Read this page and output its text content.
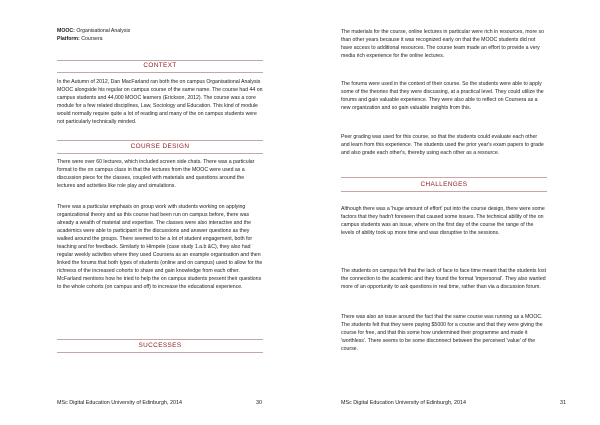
MOOC: Organisational Analysis
Platform: Coursera
CONTEXT

In the Autumn of 2012, Dan MacFarland ran both the on campus Organisational Analysis MOOC alongside his regular on campus course of the same name. The course had 44 on campus students and 44,000 MOOC learners (Erickson, 2012). The course was a core module for a few related disciplines, Law, Sociology and Education. This kind of module would normally require quite a lot of reading and many of the on campus students were not particularly technically minded.

COURSE DESIGN

There were over 60 lectures, which included screen side chats. There was a particular format to the on campus class in that the lectures from the MOOC were used as a discussion piece for the classes, coupled with materials and questions around the lectures and activities like role play and simulations.

There was a particular emphasis on group work with students working on applying organizational theory and as this course had been run on campus before, there was already a wealth of material and expertise. The classes were also interactive and the academics were able to participant in the discussions and answer questions as they walked around the groups. There seemed to be a lot of student engagement, both for teaching and for feedback. Similarly to Himpele (case study 1.a.b &C), they also had regular weekly activities where they used Coursera as an example organisation and then linked the forums that both types of students (online and on campus) used to allow for the richness of the increased cohorts to share and gain knowledge from each other. McFarland mentions how he tried to help the on campus students present their questions to the whole cohorts (on campus and off) to increase the educational experience.

SUCCESSES
MSc Digital Education University of Edinburgh, 2014	30

The materials for the course, online lectures in particular were rich in resources, more so than other years because it was recognized early on that the MOOC students did not have access to additional resources. The course team made an effort to provide a very media rich experience for the online lectures.

The forums were used in the context of their course. So the students were able to apply some of the theories that they were discussing, at a practical level. They could utilize the forums and gain valuable experience. They were also able to reflect on Coursera as a new organization and so gain valuable insights from this.

Peer grading was used for this course, so that the students could evaluate each other and learn from this experience. The students used the prior year's exam papers to grade and also grade each other's, thereby using each other as a resource.

CHALLENGES

Although there was a 'huge amount of effort' put into the course design, there were some factors that they hadn't foreseen that caused some issues. The technical ability of the on campus students was an issue, where on the first day of the course the range of the levels of ability took up more time and was disruptive to the sessions.

The students on campus felt that the lack of face to face time meant that the students lost the connection to the academic and they found the format 'impersonal'. They also wanted more of an opportunity to ask questions in real time, rather than via a discussion forum.

There was also an issue around the fact that the same course was running as a MOOC. The students felt that they were paying $5000 for a course and that they were giving the course for free, and that this some how undermined their programme and made it 'worthless'. There seems to be some disconnect between the perceived 'value' of the course.

MSc Digital Education University of Edinburgh, 2014	31
